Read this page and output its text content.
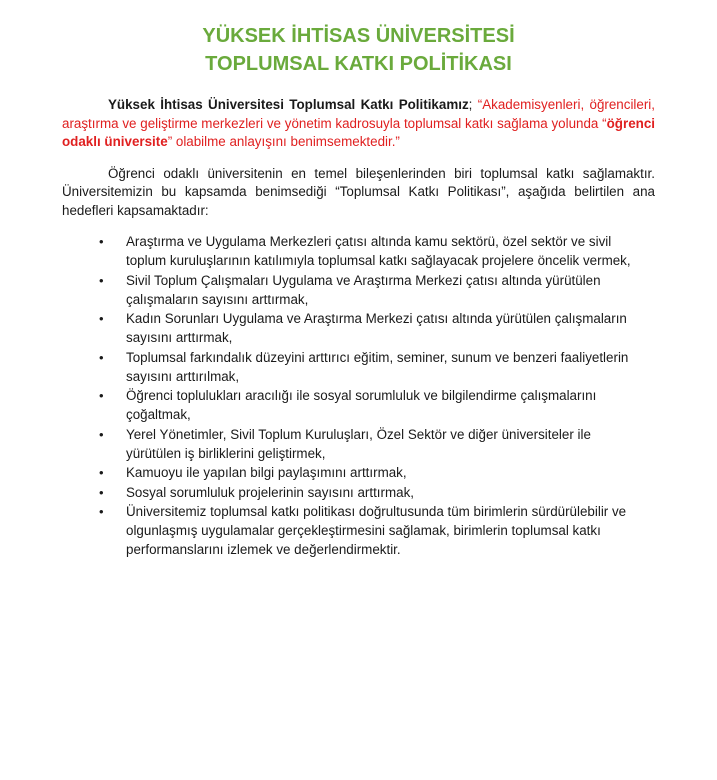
YÜKSEK İHTİSAS ÜNİVERSİTESİ
TOPLUMSAL KATKI POLİTİKASI

Yüksek İhtisas Üniversitesi Toplumsal Katkı Politikamız; “Akademisyenleri, öğrencileri, araştırma ve geliştirme merkezleri ve yönetim kadrosuyla toplumsal katkı sağlama yolunda “öğrenci odaklı üniversite” olabilme anlayışını benimsemektedir.”

Öğrenci odaklı üniversitenin en temel bileşenlerinden biri toplumsal katkı sağlamaktır. Üniversitemizin bu kapsamda benimsediği “Toplumsal Katkı Politikası”, aşağıda belirtilen ana hedefleri kapsamaktadır:

• Araştırma ve Uygulama Merkezleri çatısı altında kamu sektörü, özel sektör ve sivil toplum kuruluşlarının katılımıyla toplumsal katkı sağlayacak projelere öncelik vermek,
• Sivil Toplum Çalışmaları Uygulama ve Araştırma Merkezi çatısı altında yürütülen çalışmaların sayısını arttırmak,
• Kadın Sorunları Uygulama ve Araştırma Merkezi çatısı altında yürütülen çalışmaların sayısını arttırmak,
• Toplumsal farkındalık düzeyini arttırıcı eğitim, seminer, sunum ve benzeri faaliyetlerin sayısını arttırılmak,
• Öğrenci toplulukları aracılığı ile sosyal sorumluluk ve bilgilendirme çalışmalarını çoğaltmak,
• Yerel Yönetimler, Sivil Toplum Kuruluşları, Özel Sektör ve diğer üniversiteler ile yürütülen iş birliklerini geliştirmek,
• Kamuoyu ile yapılan bilgi paylaşımını arttırmak,
• Sosyal sorumluluk projelerinin sayısını arttırmak,
• Üniversitemiz toplumsal katkı politikası doğrultusunda tüm birimlerin sürdürülebilir ve olgunlaşmış uygulamalar gerçekleştirmesini sağlamak, birimlerin toplumsal katkı performanslarını izlemek ve değerlendirmektir.
